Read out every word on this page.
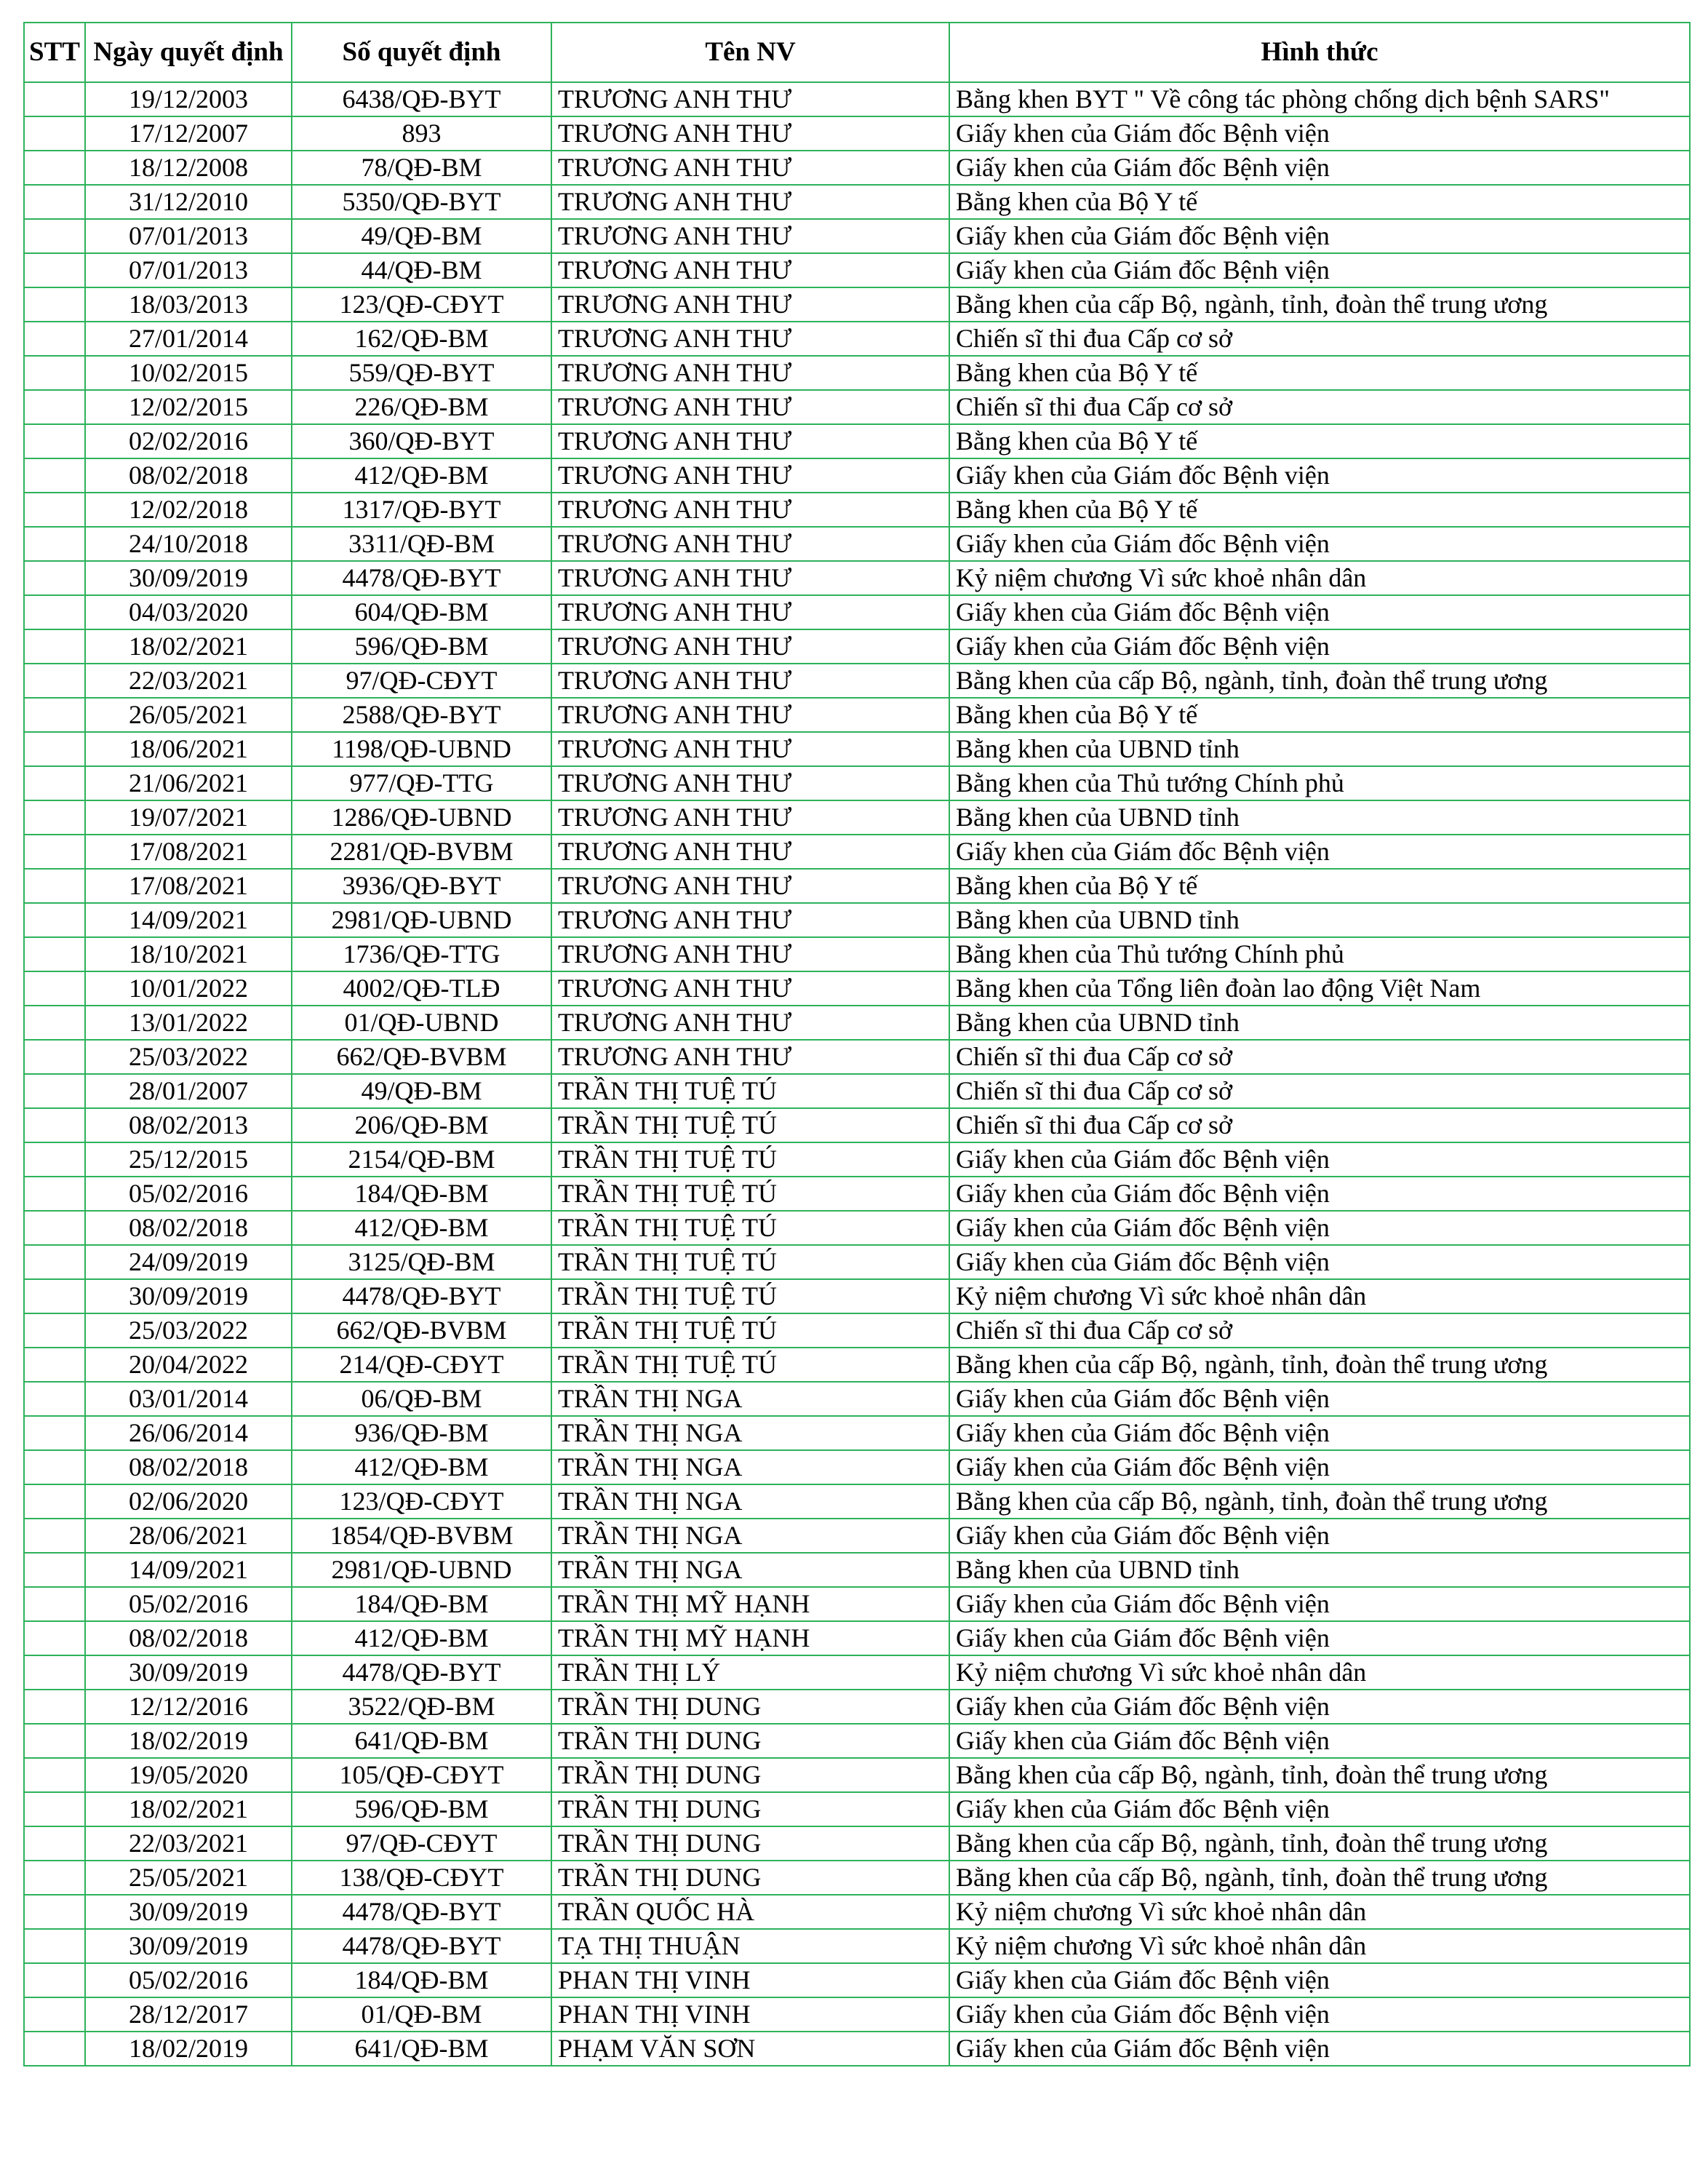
STT	Ngày quyết định	Số quyết định	Tên NV	Hình thức
	19/12/2003	6438/QĐ-BYT	TRƯƠNG ANH THƯ	Bằng khen BYT " Về công tác phòng chống dịch bệnh SARS"
	17/12/2007	893	TRƯƠNG ANH THƯ	Giấy khen của Giám đốc Bệnh viện
	18/12/2008	78/QĐ-BM	TRƯƠNG ANH THƯ	Giấy khen của Giám đốc Bệnh viện
	31/12/2010	5350/QĐ-BYT	TRƯƠNG ANH THƯ	Bằng khen của Bộ Y tế
	07/01/2013	49/QĐ-BM	TRƯƠNG ANH THƯ	Giấy khen của Giám đốc Bệnh viện
	07/01/2013	44/QĐ-BM	TRƯƠNG ANH THƯ	Giấy khen của Giám đốc Bệnh viện
	18/03/2013	123/QĐ-CĐYT	TRƯƠNG ANH THƯ	Bằng khen của cấp Bộ, ngành, tỉnh, đoàn thể trung ương
	27/01/2014	162/QĐ-BM	TRƯƠNG ANH THƯ	Chiến sĩ thi đua Cấp cơ sở
	10/02/2015	559/QĐ-BYT	TRƯƠNG ANH THƯ	Bằng khen của Bộ Y tế
	12/02/2015	226/QĐ-BM	TRƯƠNG ANH THƯ	Chiến sĩ thi đua Cấp cơ sở
	02/02/2016	360/QĐ-BYT	TRƯƠNG ANH THƯ	Bằng khen của Bộ Y tế
	08/02/2018	412/QĐ-BM	TRƯƠNG ANH THƯ	Giấy khen của Giám đốc Bệnh viện
	12/02/2018	1317/QĐ-BYT	TRƯƠNG ANH THƯ	Bằng khen của Bộ Y tế
	24/10/2018	3311/QĐ-BM	TRƯƠNG ANH THƯ	Giấy khen của Giám đốc Bệnh viện
	30/09/2019	4478/QĐ-BYT	TRƯƠNG ANH THƯ	Kỷ niệm chương Vì sức khoẻ nhân dân
	04/03/2020	604/QĐ-BM	TRƯƠNG ANH THƯ	Giấy khen của Giám đốc Bệnh viện
	18/02/2021	596/QĐ-BM	TRƯƠNG ANH THƯ	Giấy khen của Giám đốc Bệnh viện
	22/03/2021	97/QĐ-CĐYT	TRƯƠNG ANH THƯ	Bằng khen của cấp Bộ, ngành, tỉnh, đoàn thể trung ương
	26/05/2021	2588/QĐ-BYT	TRƯƠNG ANH THƯ	Bằng khen của Bộ Y tế
	18/06/2021	1198/QĐ-UBND	TRƯƠNG ANH THƯ	Bằng khen của UBND tỉnh
	21/06/2021	977/QĐ-TTG	TRƯƠNG ANH THƯ	Bằng khen của Thủ tướng Chính phủ
	19/07/2021	1286/QĐ-UBND	TRƯƠNG ANH THƯ	Bằng khen của UBND tỉnh
	17/08/2021	2281/QĐ-BVBM	TRƯƠNG ANH THƯ	Giấy khen của Giám đốc Bệnh viện
	17/08/2021	3936/QĐ-BYT	TRƯƠNG ANH THƯ	Bằng khen của Bộ Y tế
	14/09/2021	2981/QĐ-UBND	TRƯƠNG ANH THƯ	Bằng khen của UBND tỉnh
	18/10/2021	1736/QĐ-TTG	TRƯƠNG ANH THƯ	Bằng khen của Thủ tướng Chính phủ
	10/01/2022	4002/QĐ-TLĐ	TRƯƠNG ANH THƯ	Bằng khen của Tổng liên đoàn lao động Việt Nam
	13/01/2022	01/QĐ-UBND	TRƯƠNG ANH THƯ	Bằng khen của UBND tỉnh
	25/03/2022	662/QĐ-BVBM	TRƯƠNG ANH THƯ	Chiến sĩ thi đua Cấp cơ sở
	28/01/2007	49/QĐ-BM	TRẦN THỊ TUỆ TÚ	Chiến sĩ thi đua Cấp cơ sở
	08/02/2013	206/QĐ-BM	TRẦN THỊ TUỆ TÚ	Chiến sĩ thi đua Cấp cơ sở
	25/12/2015	2154/QĐ-BM	TRẦN THỊ TUỆ TÚ	Giấy khen của Giám đốc Bệnh viện
	05/02/2016	184/QĐ-BM	TRẦN THỊ TUỆ TÚ	Giấy khen của Giám đốc Bệnh viện
	08/02/2018	412/QĐ-BM	TRẦN THỊ TUỆ TÚ	Giấy khen của Giám đốc Bệnh viện
	24/09/2019	3125/QĐ-BM	TRẦN THỊ TUỆ TÚ	Giấy khen của Giám đốc Bệnh viện
	30/09/2019	4478/QĐ-BYT	TRẦN THỊ TUỆ TÚ	Kỷ niệm chương Vì sức khoẻ nhân dân
	25/03/2022	662/QĐ-BVBM	TRẦN THỊ TUỆ TÚ	Chiến sĩ thi đua Cấp cơ sở
	20/04/2022	214/QĐ-CĐYT	TRẦN THỊ TUỆ TÚ	Bằng khen của cấp Bộ, ngành, tỉnh, đoàn thể trung ương
	03/01/2014	06/QĐ-BM	TRẦN THỊ NGA	Giấy khen của Giám đốc Bệnh viện
	26/06/2014	936/QĐ-BM	TRẦN THỊ NGA	Giấy khen của Giám đốc Bệnh viện
	08/02/2018	412/QĐ-BM	TRẦN THỊ NGA	Giấy khen của Giám đốc Bệnh viện
	02/06/2020	123/QĐ-CĐYT	TRẦN THỊ NGA	Bằng khen của cấp Bộ, ngành, tỉnh, đoàn thể trung ương
	28/06/2021	1854/QĐ-BVBM	TRẦN THỊ NGA	Giấy khen của Giám đốc Bệnh viện
	14/09/2021	2981/QĐ-UBND	TRẦN THỊ NGA	Bằng khen của UBND tỉnh
	05/02/2016	184/QĐ-BM	TRẦN THỊ MỸ HẠNH	Giấy khen của Giám đốc Bệnh viện
	08/02/2018	412/QĐ-BM	TRẦN THỊ MỸ HẠNH	Giấy khen của Giám đốc Bệnh viện
	30/09/2019	4478/QĐ-BYT	TRẦN THỊ LÝ	Kỷ niệm chương Vì sức khoẻ nhân dân
	12/12/2016	3522/QĐ-BM	TRẦN THỊ DUNG	Giấy khen của Giám đốc Bệnh viện
	18/02/2019	641/QĐ-BM	TRẦN THỊ DUNG	Giấy khen của Giám đốc Bệnh viện
	19/05/2020	105/QĐ-CĐYT	TRẦN THỊ DUNG	Bằng khen của cấp Bộ, ngành, tỉnh, đoàn thể trung ương
	18/02/2021	596/QĐ-BM	TRẦN THỊ DUNG	Giấy khen của Giám đốc Bệnh viện
	22/03/2021	97/QĐ-CĐYT	TRẦN THỊ DUNG	Bằng khen của cấp Bộ, ngành, tỉnh, đoàn thể trung ương
	25/05/2021	138/QĐ-CĐYT	TRẦN THỊ DUNG	Bằng khen của cấp Bộ, ngành, tỉnh, đoàn thể trung ương
	30/09/2019	4478/QĐ-BYT	TRẦN QUỐC HÀ	Kỷ niệm chương Vì sức khoẻ nhân dân
	30/09/2019	4478/QĐ-BYT	TẠ THỊ THUẬN	Kỷ niệm chương Vì sức khoẻ nhân dân
	05/02/2016	184/QĐ-BM	PHAN THỊ VINH	Giấy khen của Giám đốc Bệnh viện
	28/12/2017	01/QĐ-BM	PHAN THỊ VINH	Giấy khen của Giám đốc Bệnh viện
	18/02/2019	641/QĐ-BM	PHẠM VĂN SƠN	Giấy khen của Giám đốc Bệnh viện
